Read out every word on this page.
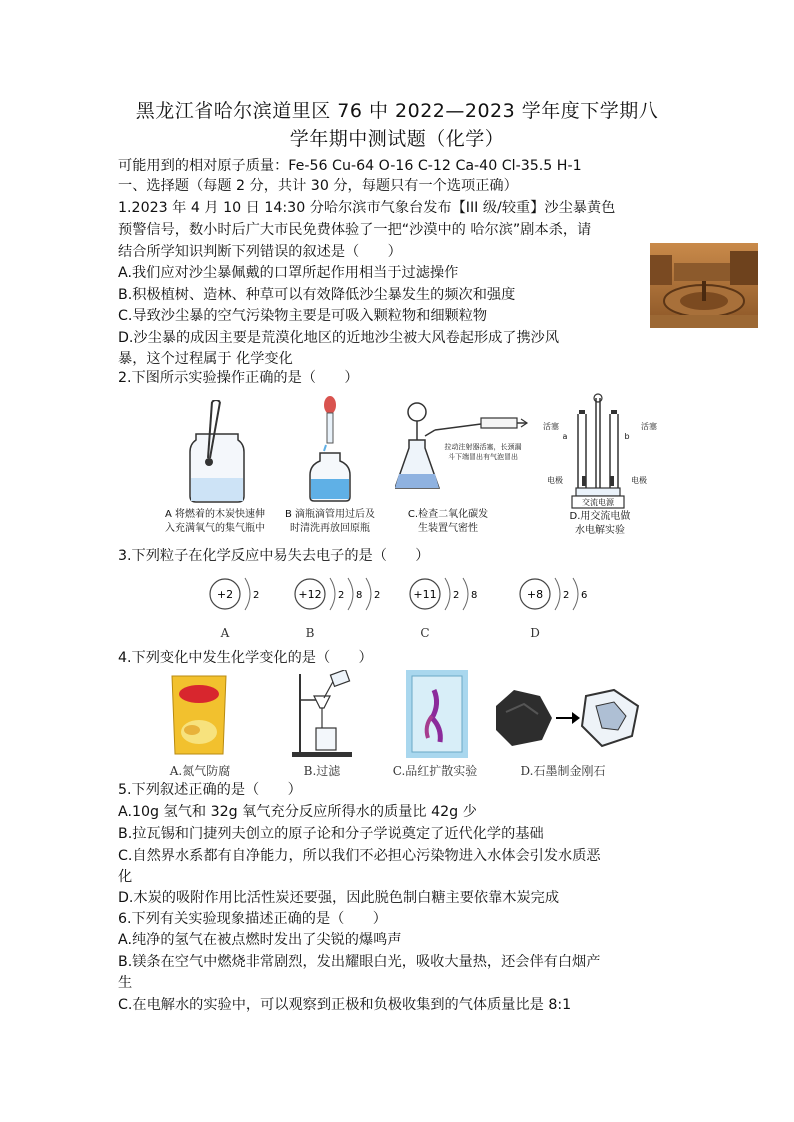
黑龙江省哈尔滨道里区 76 中 2022—2023 学年度下学期八
学年期中测试题（化学）
可能用到的相对原子质量：Fe-56 Cu-64 O-16 C-12 Ca-40 Cl-35.5 H-1
一、选择题（每题 2 分，共计 30 分，每题只有一个选项正确）
1.2023 年 4 月 10 日 14:30 分哈尔滨市气象台发布【III 级/较重】沙尘暴黄色
预警信号，数小时后广大市民免费体验了一把“沙漠中的 哈尔滨”剧本杀，请
结合所学知识判断下列错误的叙述是（　　）
A.我们应对沙尘暴佩戴的口罩所起作用相当于过滤操作
B.积极植树、造林、种草可以有效降低沙尘暴发生的频次和强度
C.导致沙尘暴的空气污染物主要是可吸入颗粒物和细颗粒物
D.沙尘暴的成因主要是荒漠化地区的近地沙尘被大风卷起形成了携沙风
暴，这个过程属于 化学变化
2.下图所示实验操作正确的是（　　）
A 将燃着的木炭快速伸
入充满氧气的集气瓶中
B 滴瓶滴管用过后及
时清洗再放回原瓶
拉动注射器活塞，长颈漏
斗下端冒出有气泡冒出
C.检查二氧化碳发
生装置气密性
活塞	活塞
a	b
电极	电极
交流电源
D.用交流电做
水电解实验
3.下列粒子在化学反应中易失去电子的是（　　）
+2 2
A
+12 2 8 2
B
+11 2 8
C
+8 2 6
D
4.下列变化中发生化学变化的是（　　）
A.氮气防腐	B.过滤	C.品红扩散实验	D.石墨制金刚石
5.下列叙述正确的是（　　）
A.10g 氢气和 32g 氧气充分反应所得水的质量比 42g 少
B.拉瓦锡和门捷列夫创立的原子论和分子学说奠定了近代化学的基础
C.自然界水系都有自净能力，所以我们不必担心污染物进入水体会引发水质恶
化
D.木炭的吸附作用比活性炭还要强，因此脱色制白糖主要依靠木炭完成
6.下列有关实验现象描述正确的是（　　）
A.纯净的氢气在被点燃时发出了尖锐的爆鸣声
B.镁条在空气中燃烧非常剧烈，发出耀眼白光，吸收大量热，还会伴有白烟产
生
C.在电解水的实验中，可以观察到正极和负极收集到的气体质量比是 8:1
